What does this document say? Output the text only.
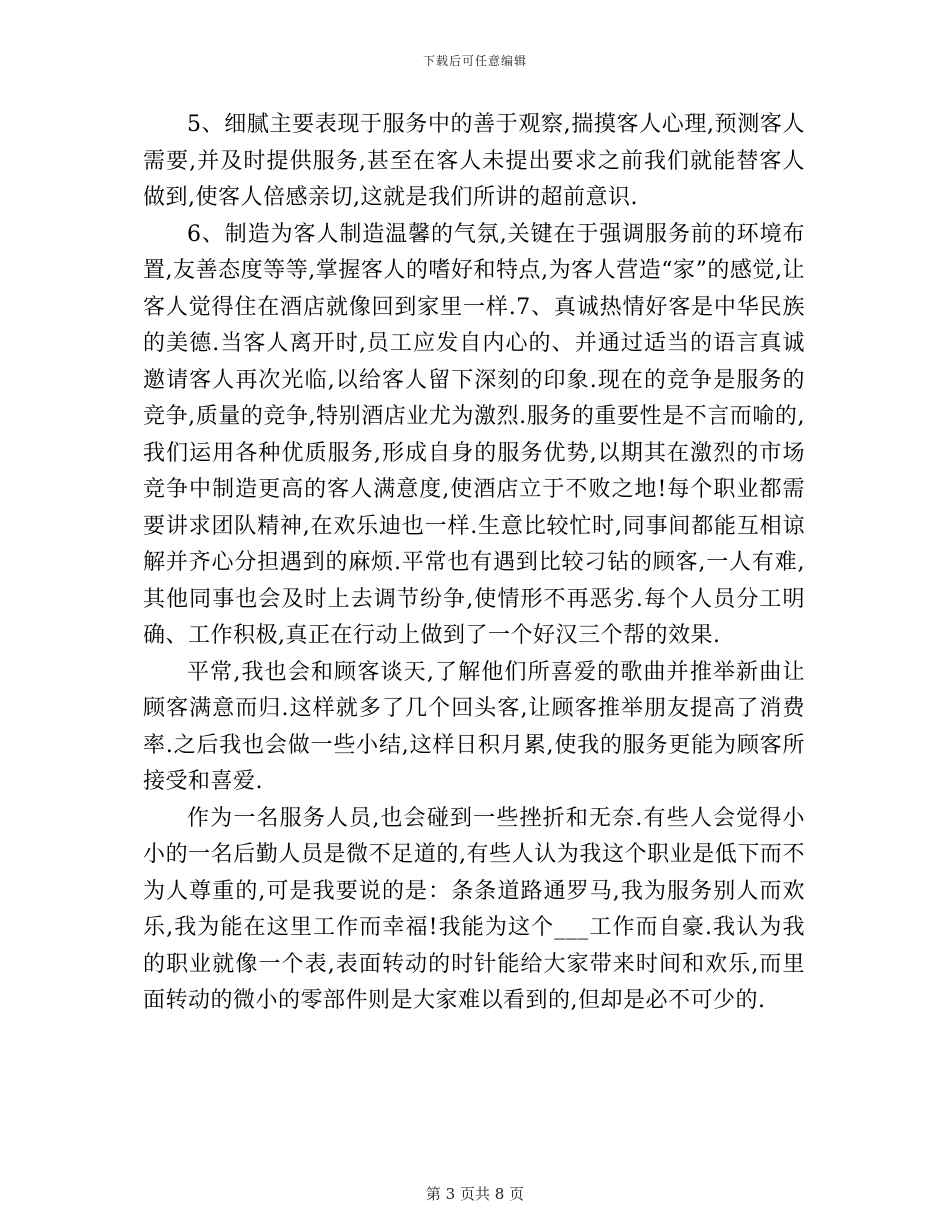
下载后可任意编辑

5、细腻主要表现于服务中的善于观察,揣摸客人心理,预测客人需要,并及时提供服务,甚至在客人未提出要求之前我们就能替客人做到,使客人倍感亲切,这就是我们所讲的超前意识.

6、制造为客人制造温馨的气氛,关键在于强调服务前的环境布置,友善态度等等,掌握客人的嗜好和特点,为客人营造“家”的感觉,让客人觉得住在酒店就像回到家里一样.7、真诚热情好客是中华民族的美德.当客人离开时,员工应发自内心的、并通过适当的语言真诚邀请客人再次光临,以给客人留下深刻的印象.现在的竞争是服务的竞争,质量的竞争,特别酒店业尤为激烈.服务的重要性是不言而喻的,我们运用各种优质服务,形成自身的服务优势,以期其在激烈的市场竞争中制造更高的客人满意度,使酒店立于不败之地!每个职业都需要讲求团队精神,在欢乐迪也一样.生意比较忙时,同事间都能互相谅解并齐心分担遇到的麻烦.平常也有遇到比较刁钻的顾客,一人有难,其他同事也会及时上去调节纷争,使情形不再恶劣.每个人员分工明确、工作积极,真正在行动上做到了一个好汉三个帮的效果.

平常,我也会和顾客谈天,了解他们所喜爱的歌曲并推举新曲让顾客满意而归.这样就多了几个回头客,让顾客推举朋友提高了消费率.之后我也会做一些小结,这样日积月累,使我的服务更能为顾客所接受和喜爱.

作为一名服务人员,也会碰到一些挫折和无奈.有些人会觉得小小的一名后勤人员是微不足道的,有些人认为我这个职业是低下而不为人尊重的,可是我要说的是：条条道路通罗马,我为服务别人而欢乐,我为能在这里工作而幸福!我能为这个___工作而自豪.我认为我的职业就像一个表,表面转动的时针能给大家带来时间和欢乐,而里面转动的微小的零部件则是大家难以看到的,但却是必不可少的.

第 3 页共 8 页
